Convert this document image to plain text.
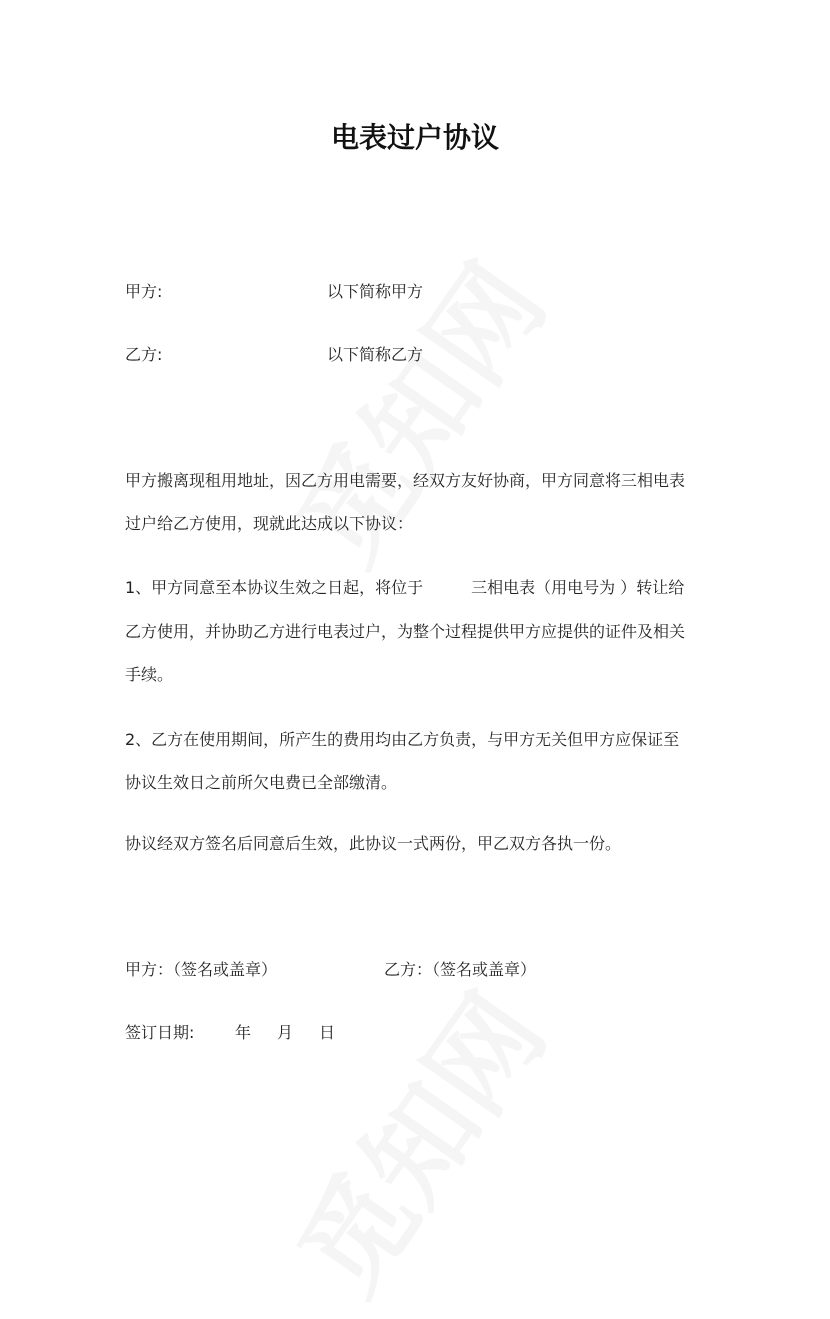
电表过户协议
甲方:	以下简称甲方
乙方:	以下简称乙方
甲方搬离现租用地址，因乙方用电需要，经双方友好协商，甲方同意将三相电表
过户给乙方使用，现就此达成以下协议：
1、甲方同意至本协议生效之日起，将位于　　　三相电表（用电号为 ）转让给
乙方使用，并协助乙方进行电表过户，为整个过程提供甲方应提供的证件及相关
手续。
2、乙方在使用期间，所产生的费用均由乙方负责，与甲方无关但甲方应保证至
协议生效日之前所欠电费已全部缴清。
协议经双方签名后同意后生效，此协议一式两份，甲乙双方各执一份。
甲方：（签名或盖章）	乙方：（签名或盖章）
签订日期:	年 月 日
